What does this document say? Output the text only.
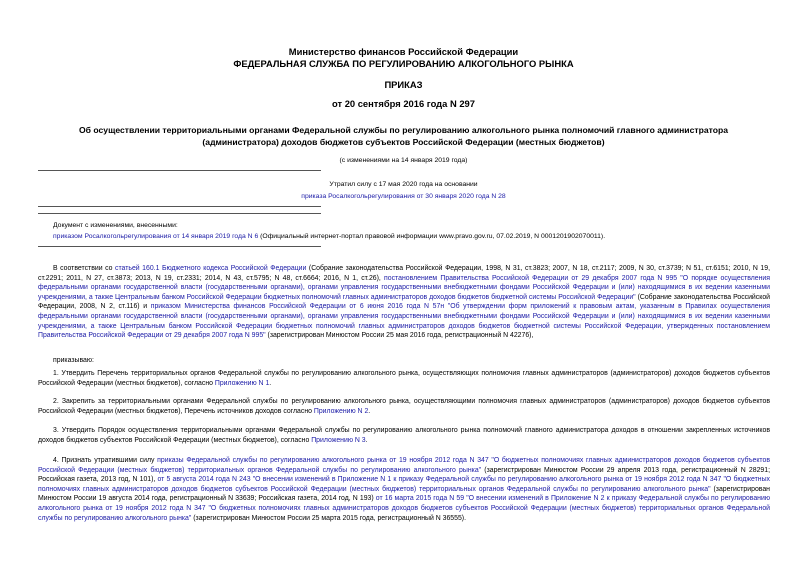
Министерство финансов Российской Федерации
ФЕДЕРАЛЬНАЯ СЛУЖБА ПО РЕГУЛИРОВАНИЮ АЛКОГОЛЬНОГО РЫНКА
ПРИКАЗ
от 20 сентября 2016 года N 297
Об осуществлении территориальными органами Федеральной службы по регулированию алкогольного рынка полномочий главного администратора
(администратора) доходов бюджетов субъектов Российской Федерации (местных бюджетов)
(с изменениями на 14 января 2019 года)
Утратил силу с 17 мая 2020 года на основании
приказа Росалкогольрегулирования от 30 января 2020 года N 28
Документ с изменениями, внесенными:
приказом Росалкогольрегулирования от 14 января 2019 года N 6 (Официальный интернет-портал правовой информации www.pravo.gov.ru, 07.02.2019, N 0001201902070011).
В соответствии со статьей 160.1 Бюджетного кодекса Российской Федерации (Собрание законодательства Российской Федерации, 1998, N 31, ст.3823; 2007, N 18, ст.2117; 2009, N 30, ст.3739; N 51, ст.6151; 2010, N 19, ст.2291; 2011, N 27, ст.3873; 2013, N 19, ст.2331; 2014, N 43, ст.5795; N 48, ст.6664; 2016, N 1, ст.26), постановлением Правительства Российской Федерации от 29 декабря 2007 года N 995 "О порядке осуществления федеральными органами государственной власти (государственными органами), органами управления государственными внебюджетными фондами Российской Федерации и (или) находящимися в их ведении казенными учреждениями, а также Центральным банком Российской Федерации бюджетных полномочий главных администраторов доходов бюджетов бюджетной системы Российской Федерации" (Собрание законодательства Российской Федерации, 2008, N 2, ст.116) и приказом Министерства финансов Российской Федерации от 6 июня 2016 года N 57н "Об утверждении форм приложений к правовым актам, указанным в Правилах осуществления федеральными органами государственной власти (государственными органами), органами управления государственными внебюджетными фондами Российской Федерации и (или) находящимися в их ведении казенными учреждениями, а также Центральным банком Российской Федерации бюджетных полномочий главных администраторов доходов бюджетов бюджетной системы Российской Федерации, утвержденных постановлением Правительства Российской Федерации от 29 декабря 2007 года N 995" (зарегистрирован Минюстом России 25 мая 2016 года, регистрационный N 42276),
приказываю:
1. Утвердить Перечень территориальных органов Федеральной службы по регулированию алкогольного рынка, осуществляющих полномочия главных администраторов (администраторов) доходов бюджетов субъектов Российской Федерации (местных бюджетов), согласно Приложению N 1.
2. Закрепить за территориальными органами Федеральной службы по регулированию алкогольного рынка, осуществляющими полномочия главных администраторов (администраторов) доходов бюджетов субъектов Российской Федерации (местных бюджетов), Перечень источников доходов согласно Приложению N 2.
3. Утвердить Порядок осуществления территориальными органами Федеральной службы по регулированию алкогольного рынка полномочий главного администратора доходов в отношении закрепленных источников доходов бюджетов субъектов Российской Федерации (местных бюджетов), согласно Приложению N 3.
4. Признать утратившими силу приказы Федеральной службы по регулированию алкогольного рынка от 19 ноября 2012 года N 347 "О бюджетных полномочиях главных администраторов доходов бюджетов субъектов Российской Федерации (местных бюджетов) территориальных органов Федеральной службы по регулированию алкогольного рынка" (зарегистрирован Минюстом России 29 апреля 2013 года, регистрационный N 28291; Российская газета, 2013 год, N 101), от 5 августа 2014 года N 243 "О внесении изменений в Приложение N 1 к приказу Федеральной службы по регулированию алкогольного рынка от 19 ноября 2012 года N 347 "О бюджетных полномочиях главных администраторов доходов бюджетов субъектов Российской Федерации (местных бюджетов) территориальных органов Федеральной службы по регулированию алкогольного рынка" (зарегистрирован Минюстом России 19 августа 2014 года, регистрационный N 33639; Российская газета, 2014 год, N 193) от 16 марта 2015 года N 59 "О внесении изменений в Приложение N 2 к приказу Федеральной службы по регулированию алкогольного рынка от 19 ноября 2012 года N 347 "О бюджетных полномочиях главных администраторов доходов бюджетов субъектов Российской Федерации (местных бюджетов) территориальных органов Федеральной службы по регулированию алкогольного рынка" (зарегистрирован Минюстом России 25 марта 2015 года, регистрационный N 36555).
